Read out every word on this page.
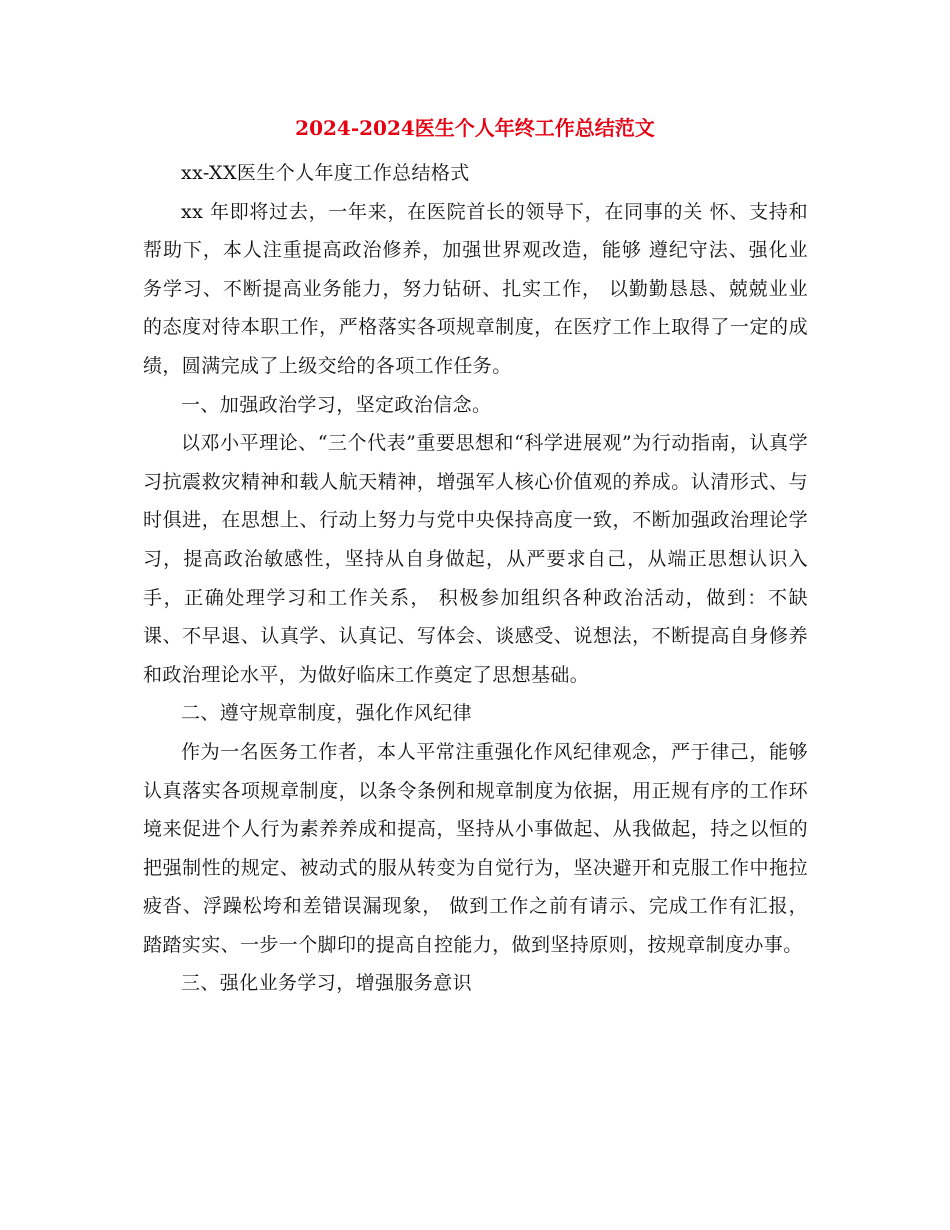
2024-2024医生个人年终工作总结范文

xx-XX医生个人年度工作总结格式

xx 年即将过去，一年来，在医院首长的领导下，在同事的关 怀、支持和帮助下，本人注重提高政治修养，加强世界观改造，能够 遵纪守法、强化业务学习、不断提高业务能力，努力钻研、扎实工作， 以勤勤恳恳、兢兢业业的态度对待本职工作，严格落实各项规章制度，在医疗工作上取得了一定的成绩，圆满完成了上级交给的各项工作任务。

一、加强政治学习，坚定政治信念。

以邓小平理论、“三个代表”重要思想和“科学进展观”为行动指南，认真学习抗震救灾精神和载人航天精神，增强军人核心价值观的养成。认清形式、与时俱进，在思想上、行动上努力与党中央保持高度一致，不断加强政治理论学习，提高政治敏感性，坚持从自身做起，从严要求自己，从端正思想认识入手，正确处理学习和工作关系， 积极参加组织各种政治活动，做到：不缺课、不早退、认真学、认真记、写体会、谈感受、说想法，不断提高自身修养和政治理论水平，为做好临床工作奠定了思想基础。

二、遵守规章制度，强化作风纪律

作为一名医务工作者，本人平常注重强化作风纪律观念，严于律己，能够认真落实各项规章制度，以条令条例和规章制度为依据，用正规有序的工作环境来促进个人行为素养养成和提高，坚持从小事做起、从我做起，持之以恒的把强制性的规定、被动式的服从转变为自觉行为，坚决避开和克服工作中拖拉疲沓、浮躁松垮和差错误漏现象， 做到工作之前有请示、完成工作有汇报，踏踏实实、一步一个脚印的提高自控能力，做到坚持原则，按规章制度办事。

三、强化业务学习，增强服务意识
